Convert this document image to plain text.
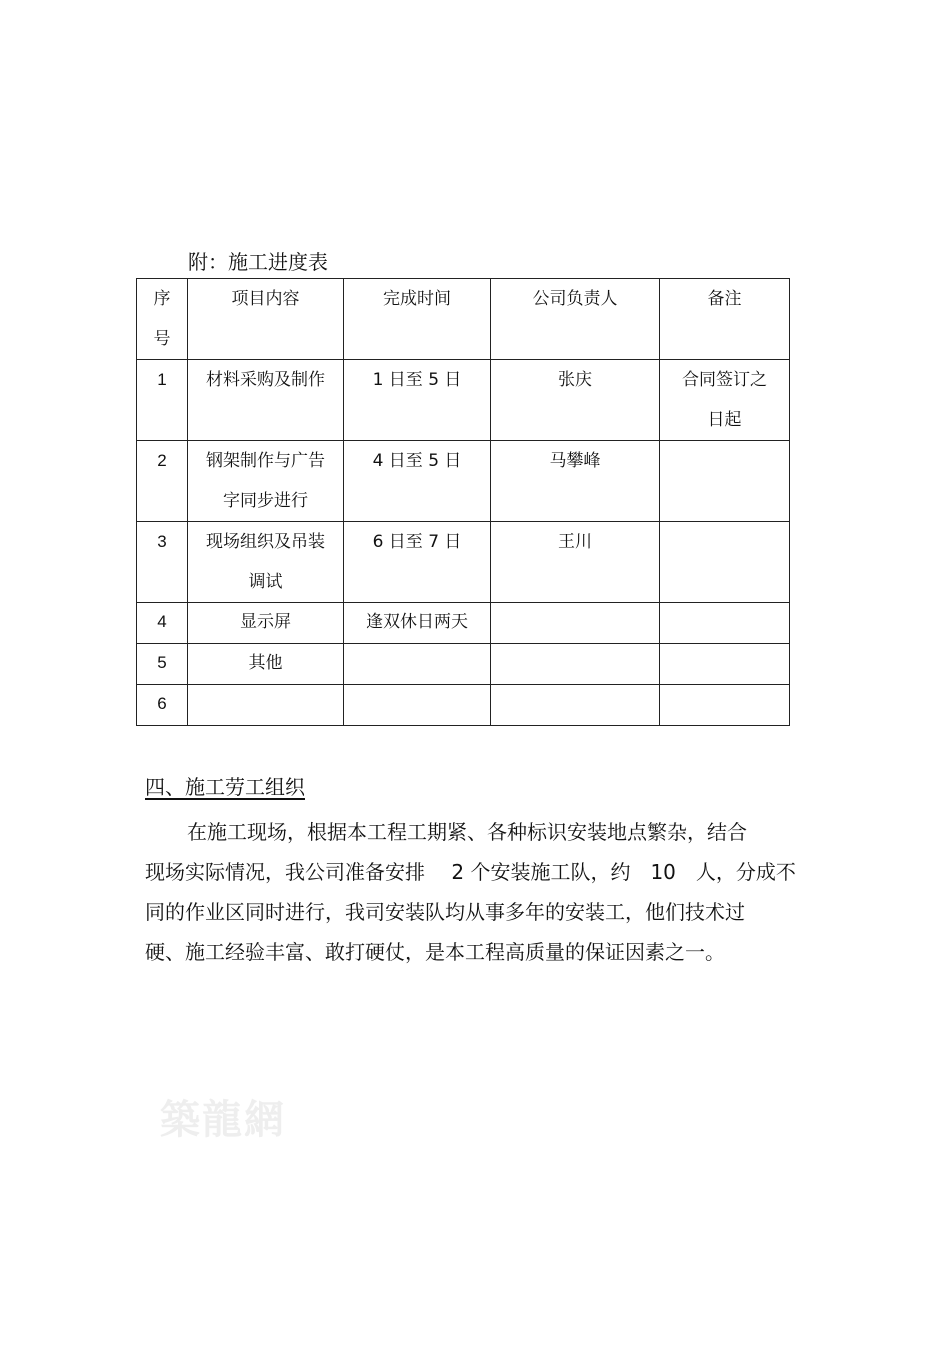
附：施工进度表
序号	项目内容	完成时间	公司负责人	备注
1	材料采购及制作	1 日至 5 日	张庆	合同签订之日起
2	钢架制作与广告字同步进行	4 日至 5 日	马攀峰	
3	现场组织及吊装调试	6 日至 7 日	王川	
4	显示屏	逢双休日两天		
5	其他			
6				
四、施工劳工组织
在施工现场，根据本工程工期紧、各种标识安装地点繁杂，结合
现场实际情况，我公司准备安排　 2 个安装施工队，约　10　人，分成不
同的作业区同时进行，我司安装队均从事多年的安装工，他们技术过
硬、施工经验丰富、敢打硬仗，是本工程高质量的保证因素之一。
築龍網
